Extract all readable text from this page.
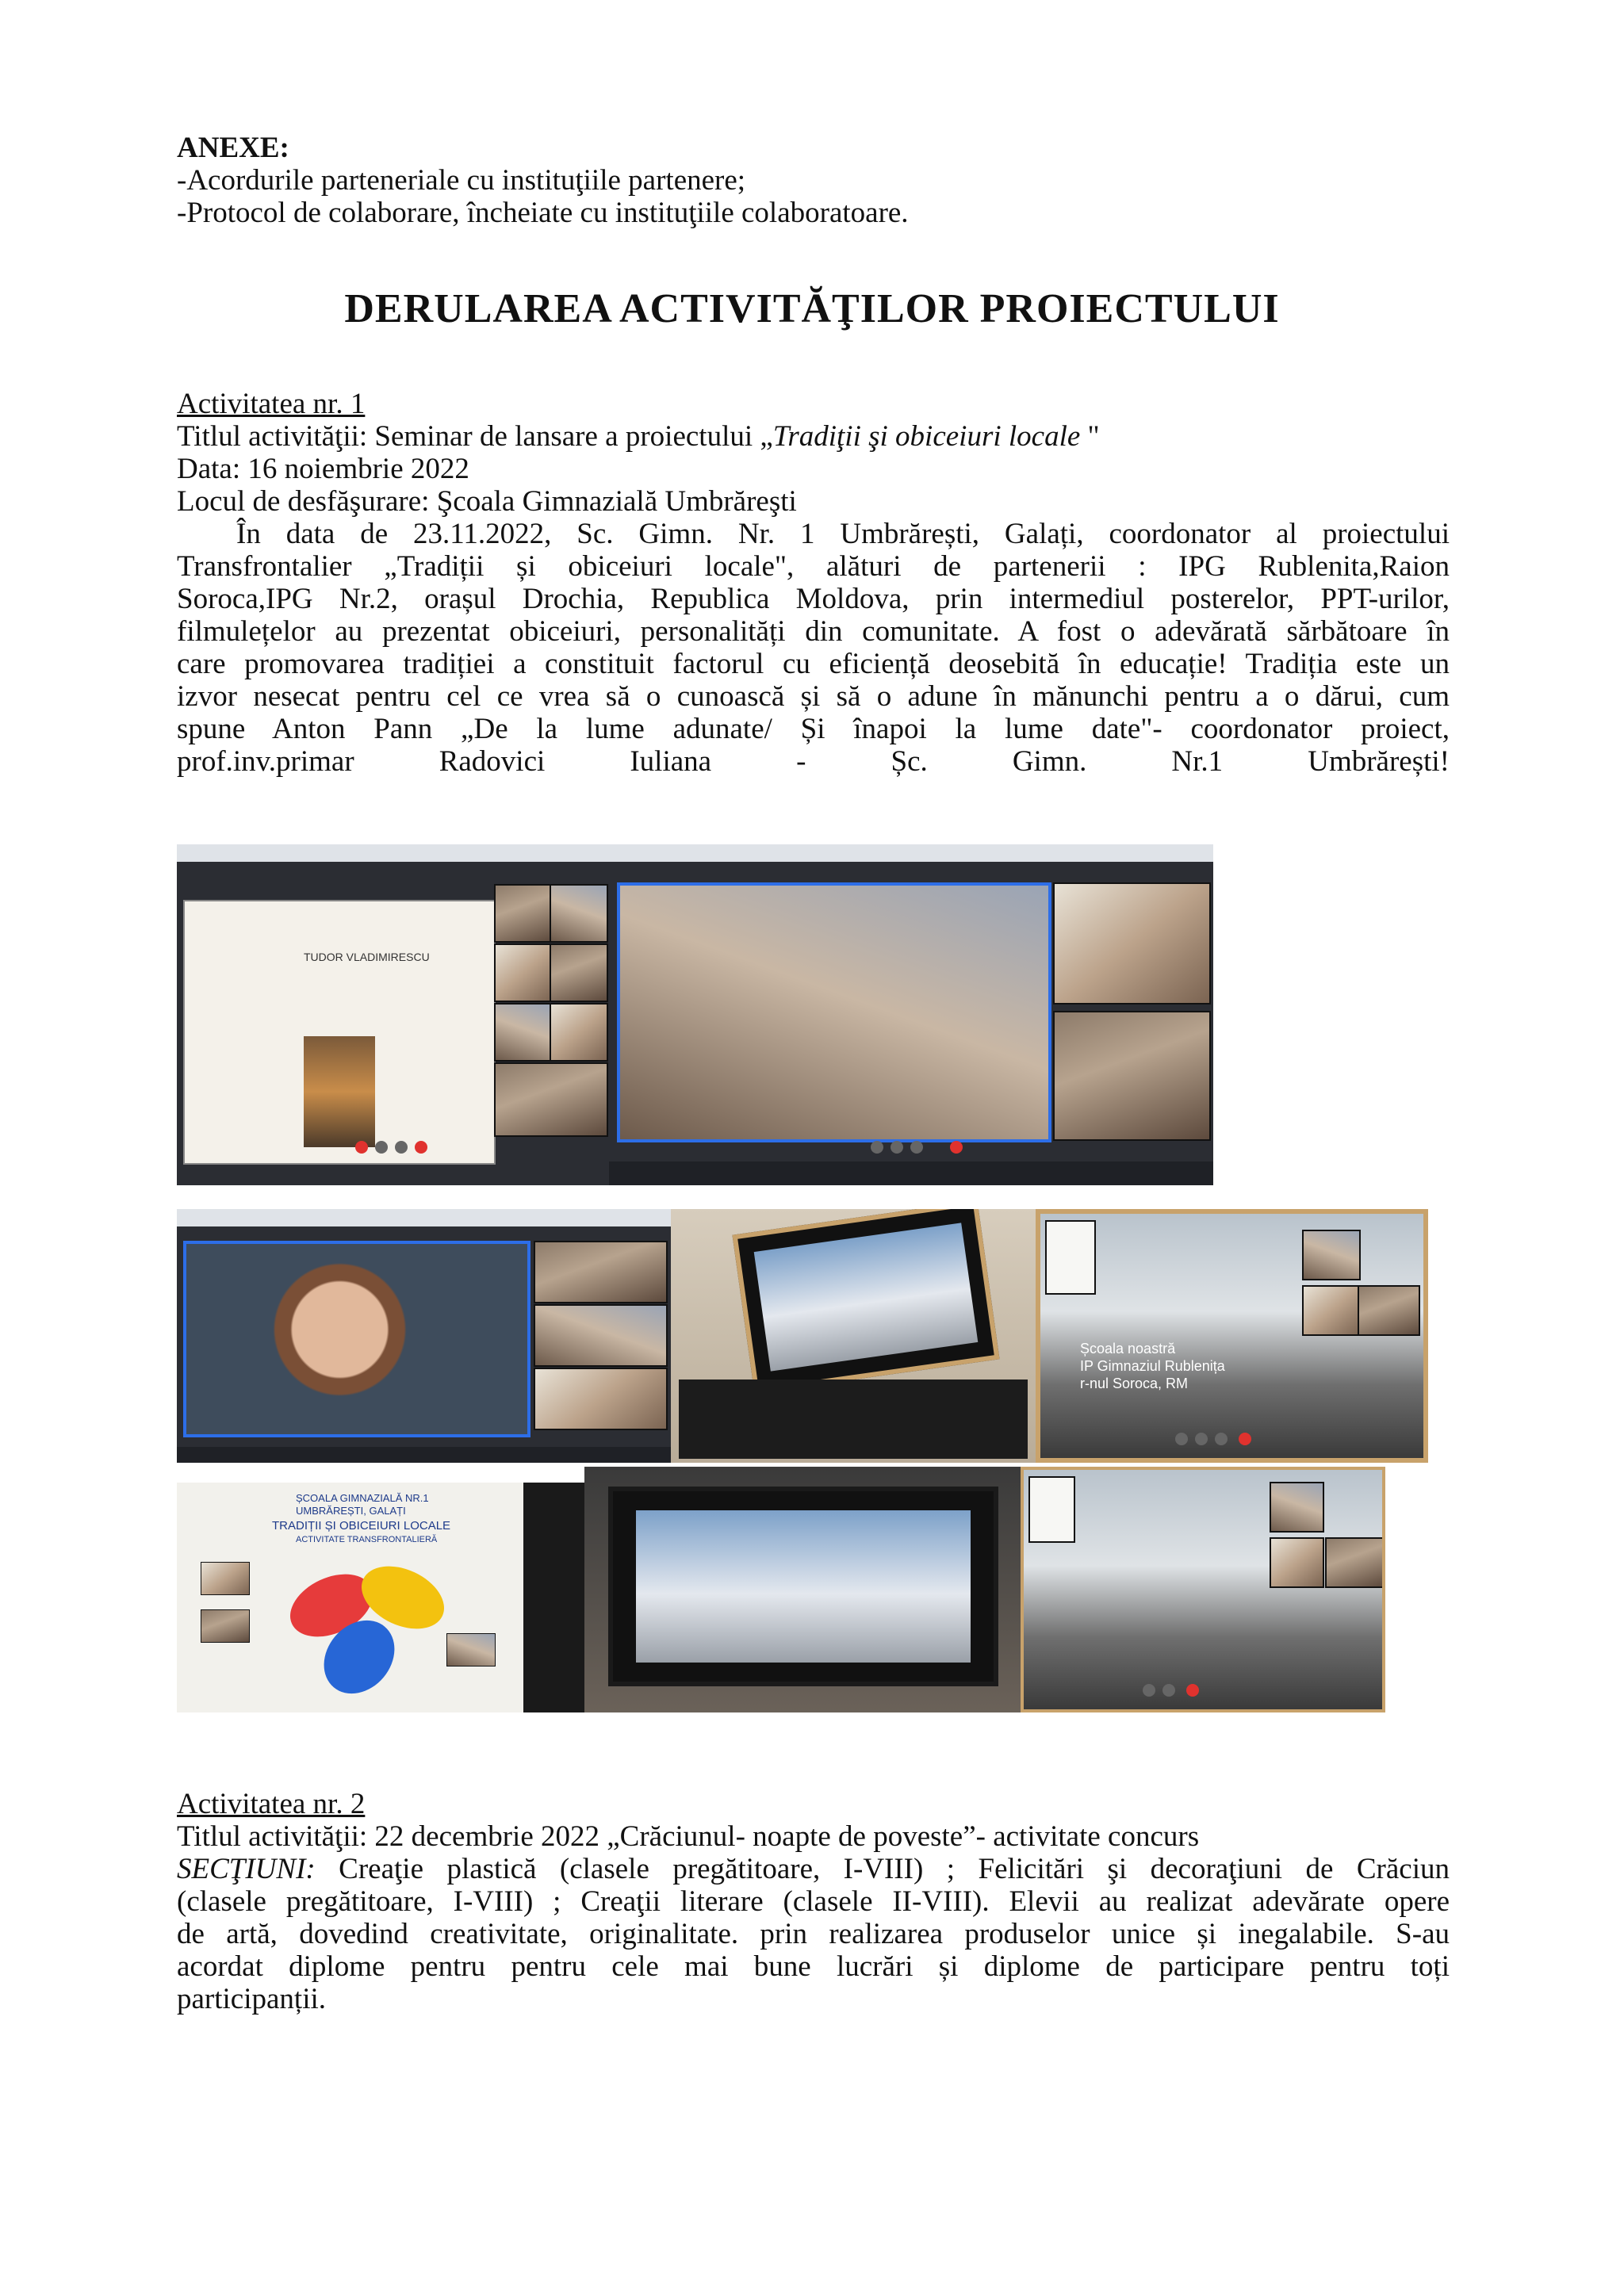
ANEXE:
-Acordurile parteneriale cu instituţiile partenere;
-Protocol de colaborare, încheiate cu instituţiile colaboratoare.
DERULAREA ACTIVITĂŢILOR PROIECTULUI
Activitatea nr. 1
Titlul activităţii: Seminar de lansare a proiectului „Tradiţii şi obiceiuri locale "
Data: 16 noiembrie 2022
Locul de desfăşurare: Şcoala Gimnazială Umbrăreşti
În data de 23.11.2022, Sc. Gimn. Nr. 1 Umbrărești, Galați, coordonator al proiectului
Transfrontalier „Tradiții și obiceiuri locale", alături de partenerii : IPG Rublenita,Raion
Soroca,IPG Nr.2, orașul Drochia, Republica Moldova, prin intermediul posterelor, PPT-urilor,
filmulețelor au prezentat obiceiuri, personalități din comunitate. A fost o adevărată sărbătoare în
care promovarea tradiției a constituit factorul cu eficiență deosebită în educație! Tradiția este un
izvor nesecat pentru cel ce vrea să o cunoască și să o adune în mănunchi pentru a o dărui, cum
spune Anton Pann „De la lume adunate/ Și înapoi la lume date"- coordonator proiect,
prof.inv.primar Radovici Iuliana - Șc. Gimn. Nr.1 Umbrărești!
TUDOR VLADIMIRESCU
Școala noastră
IP Gimnaziul Rublenița
r-nul Soroca, RM
ȘCOALA GIMNAZIALĂ NR.1
UMBRĂREȘTI, GALAȚI
TRADIȚII ȘI OBICEIURI LOCALE
ACTIVITATE TRANSFRONTALIERĂ
Activitatea nr. 2
Titlul activităţii: 22 decembrie 2022 „Crăciunul- noapte de poveste”- activitate concurs
SECŢIUNI: Creaţie plastică (clasele pregătitoare, I-VIII) ; Felicitări şi decoraţiuni de Crăciun
(clasele pregătitoare, I-VIII) ; Creaţii literare (clasele II-VIII). Elevii au realizat adevărate opere
de artă, dovedind creativitate, originalitate. prin realizarea produselor unice și inegalabile. S-au
acordat diplome pentru pentru cele mai bune lucrări și diplome de participare pentru toți
participanții.
